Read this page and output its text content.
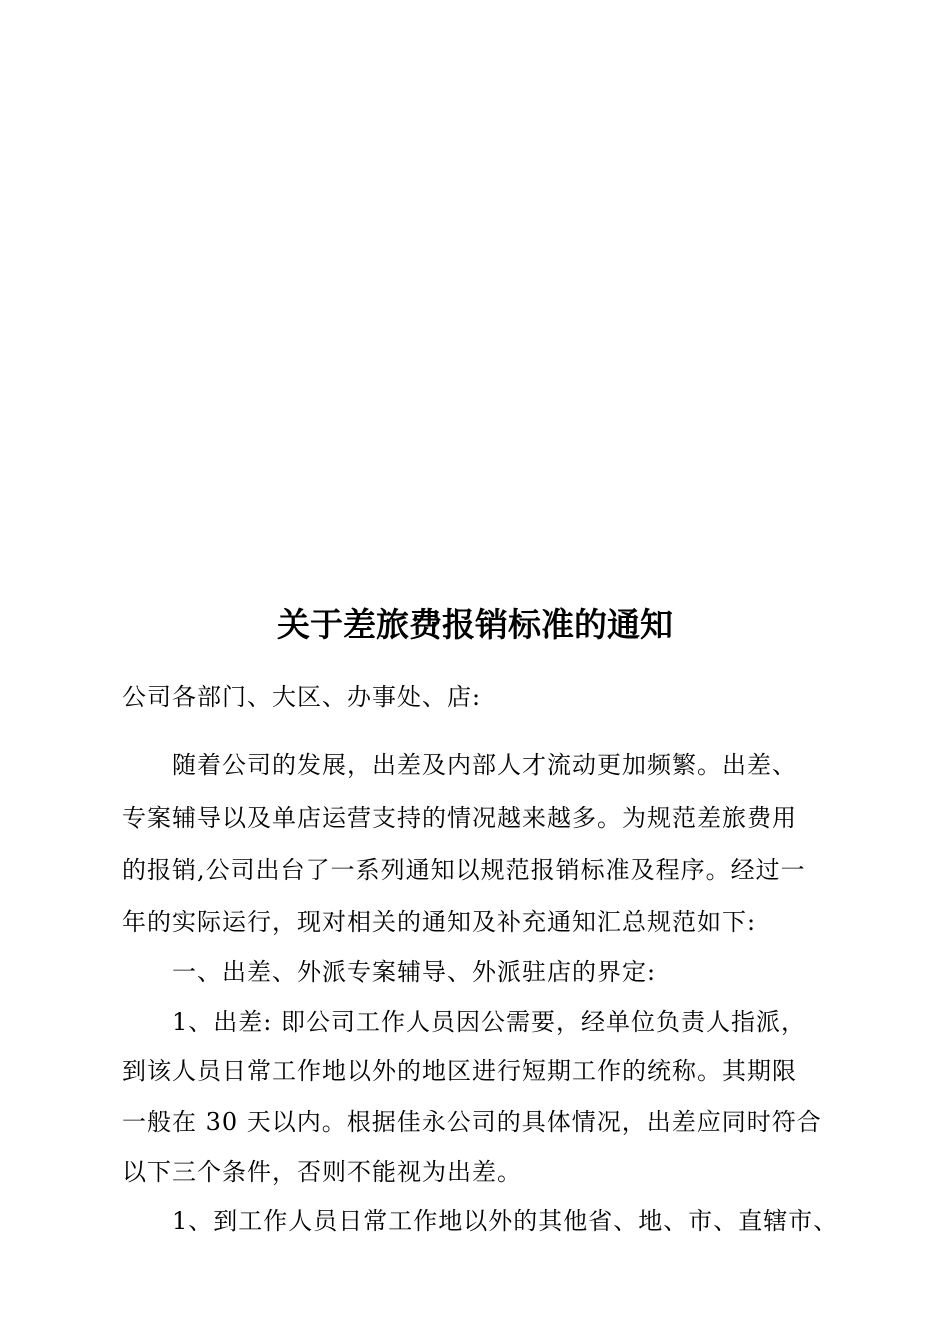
关于差旅费报销标准的通知
公司各部门、大区、办事处、店:
随着公司的发展，出差及内部人才流动更加频繁。出差、
专案辅导以及单店运营支持的情况越来越多。为规范差旅费用
的报销,公司出台了一系列通知以规范报销标准及程序。经过一
年的实际运行，现对相关的通知及补充通知汇总规范如下:
一、出差、外派专案辅导、外派驻店的界定:
1、出差: 即公司工作人员因公需要，经单位负责人指派，
到该人员日常工作地以外的地区进行短期工作的统称。其期限
一般在 30 天以内。根据佳永公司的具体情况，出差应同时符合
以下三个条件，否则不能视为出差。
1、到工作人员日常工作地以外的其他省、地、市、直辖市、
